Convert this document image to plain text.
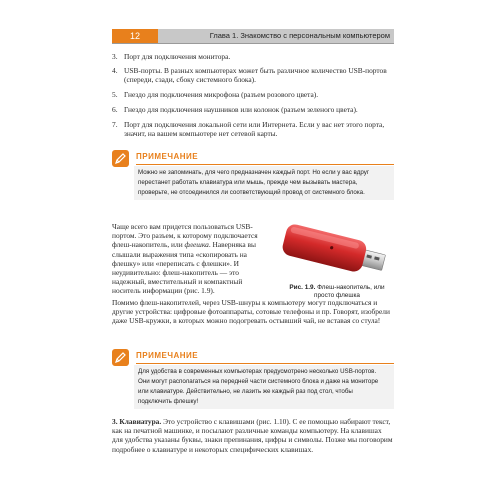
12	Глава 1. Знакомство с персональным компьютером
3. Порт для подключения монитора.
4. USB-порты. В разных компьютерах может быть различное количество USB-портов (спереди, сзади, сбоку системного блока).
5. Гнездо для подключения микрофона (разъем розового цвета).
6. Гнездо для подключения наушников или колонок (разъем зеленого цвета).
7. Порт для подключения локальной сети или Интернета. Если у вас нет этого порта, значит, на вашем компьютере нет сетевой карты.
ПРИМЕЧАНИЕ
Можно не запоминать, для чего предназначен каждый порт. Но если у вас вдруг перестанет работать клавиатура или мышь, прежде чем вызывать мастера, проверьте, не отсоединился ли соответствующий провод от системного блока.
Чаще всего вам придется пользоваться USB-портом. Это разъем, к которому подключается флеш-накопитель, или флешка. Наверняка вы слышали выражения типа «скопировать на флешку» или «переписать с флешки». И неудивительно: флеш-накопитель — это надежный, вместительный и компактный носитель информации (рис. 1.9).	Рис. 1.9. Флеш-накопитель, или просто флешка
Помимо флеш-накопителей, через USB-шнуры к компьютеру могут подключаться и другие устройства: цифровые фотоаппараты, сотовые телефоны и пр. Говорят, изобрели даже USB-кружки, в которых можно подогревать остывший чай, не вставая со стула!
ПРИМЕЧАНИЕ
Для удобства в современных компьютерах предусмотрено несколько USB-портов. Они могут располагаться на передней части системного блока и даже на мониторе или клавиатуре. Действительно, не лазить же каждый раз под стол, чтобы подключить флешку!
3. Клавиатура. Это устройство с клавишами (рис. 1.10). С ее помощью набирают текст, как на печатной машинке, и посылают различные команды компьютеру. На клавишах для удобства указаны буквы, знаки препинания, цифры и символы. Позже мы поговорим подробнее о клавиатуре и некоторых специфических клавишах.
